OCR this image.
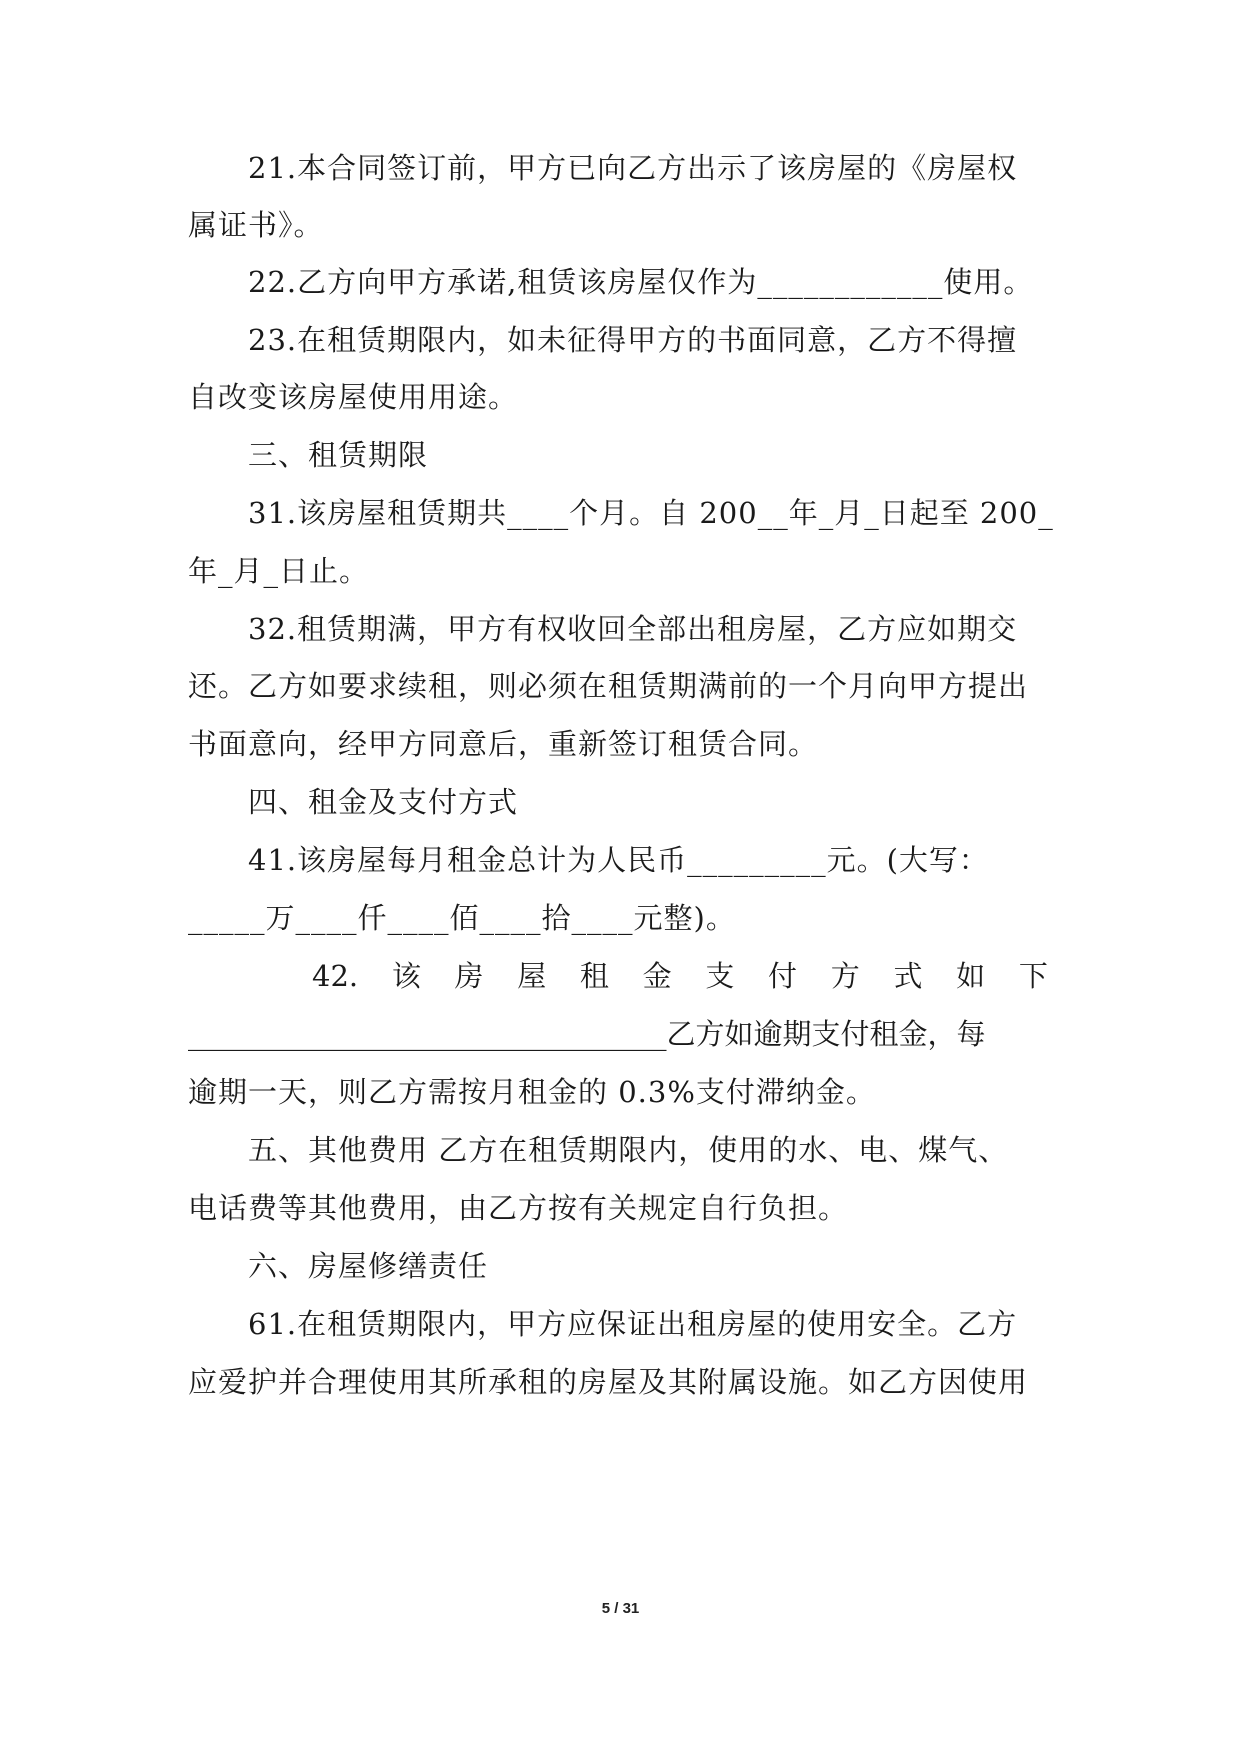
21.本合同签订前，甲方已向乙方出示了该房屋的《房屋权
属证书》。
22.乙方向甲方承诺,租赁该房屋仅作为____________使用。
23.在租赁期限内，如未征得甲方的书面同意，乙方不得擅
自改变该房屋使用用途。
三、租赁期限
31.该房屋租赁期共____个月。自 200__年_月_日起至 200_
年_月_日止。
32.租赁期满，甲方有权收回全部出租房屋，乙方应如期交
还。乙方如要求续租，则必须在租赁期满前的一个月向甲方提出
书面意向，经甲方同意后，重新签订租赁合同。
四、租金及支付方式
41.该房屋每月租金总计为人民币_________元。(大写：
_____万____仟____佰____拾____元整)。
42. 该 房 屋 租 金 支 付 方 式 如 下
_________________________________乙方如逾期支付租金，每
逾期一天，则乙方需按月租金的 0.3%支付滞纳金。
五、其他费用 乙方在租赁期限内，使用的水、电、煤气、
电话费等其他费用，由乙方按有关规定自行负担。
六、房屋修缮责任
61.在租赁期限内，甲方应保证出租房屋的使用安全。乙方
应爱护并合理使用其所承租的房屋及其附属设施。如乙方因使用
5 / 31
